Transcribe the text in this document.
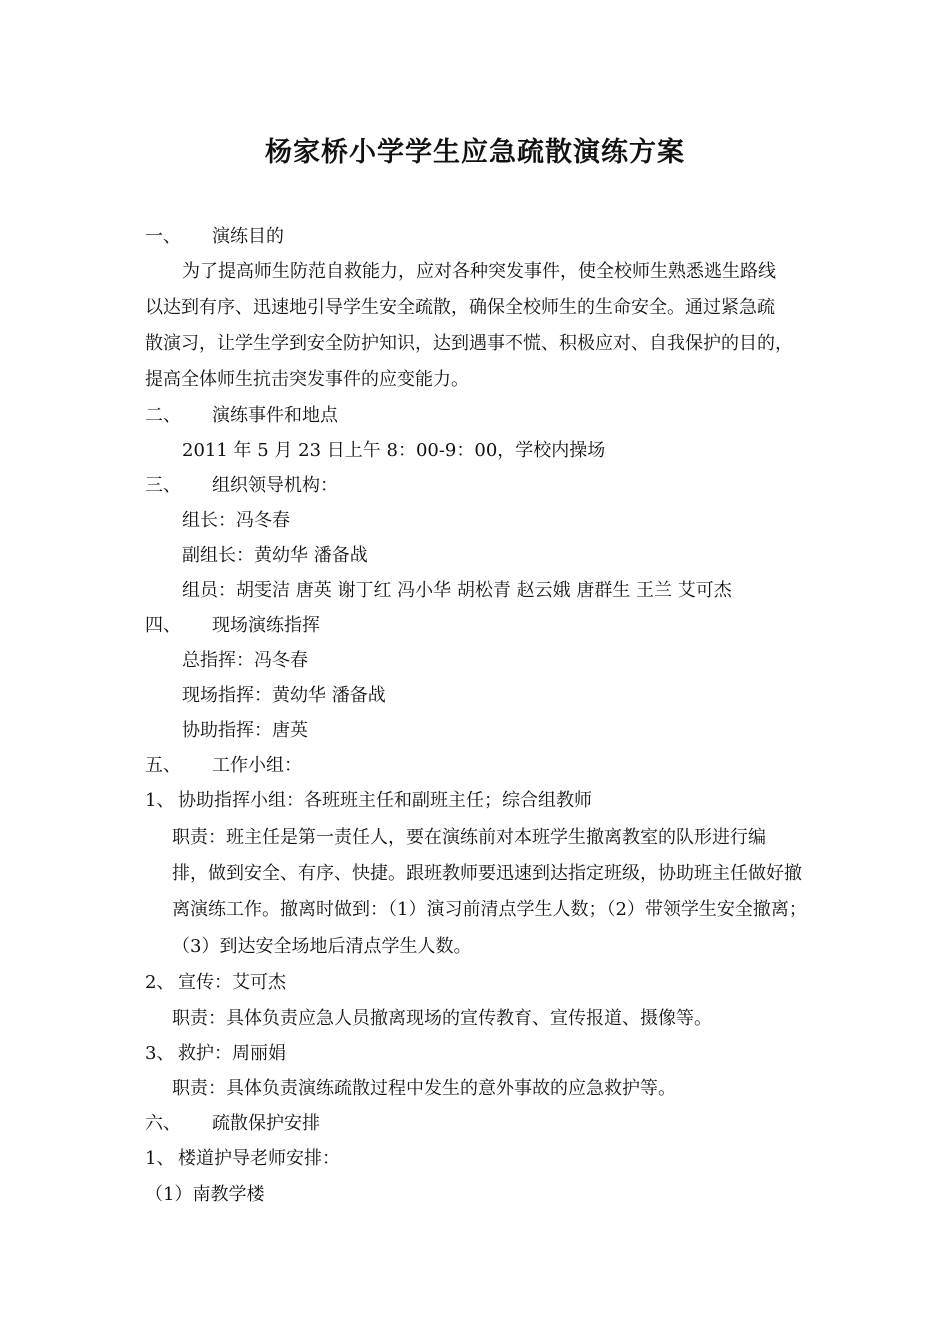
杨家桥小学学生应急疏散演练方案
一、 演练目的
为了提高师生防范自救能力，应对各种突发事件，使全校师生熟悉逃生路线
以达到有序、迅速地引导学生安全疏散，确保全校师生的生命安全。通过紧急疏
散演习，让学生学到安全防护知识，达到遇事不慌、积极应对、自我保护的目的，
提高全体师生抗击突发事件的应变能力。
二、 演练事件和地点
2011 年 5 月 23 日上午 8：00-9：00，学校内操场
三、 组织领导机构：
组长：冯冬春
副组长：黄幼华 潘备战
组员：胡雯洁 唐英 谢丁红 冯小华 胡松青 赵云娥 唐群生 王兰 艾可杰
四、 现场演练指挥
总指挥：冯冬春
现场指挥：黄幼华 潘备战
协助指挥：唐英
五、 工作小组：
1、 协助指挥小组：各班班主任和副班主任；综合组教师
职责：班主任是第一责任人，要在演练前对本班学生撤离教室的队形进行编
排，做到安全、有序、快捷。跟班教师要迅速到达指定班级，协助班主任做好撤
离演练工作。撤离时做到：（1）演习前清点学生人数；（2）带领学生安全撤离；
（3）到达安全场地后清点学生人数。
2、 宣传：艾可杰
职责：具体负责应急人员撤离现场的宣传教育、宣传报道、摄像等。
3、 救护：周丽娟
职责：具体负责演练疏散过程中发生的意外事故的应急救护等。
六、 疏散保护安排
1、 楼道护导老师安排：
（1）南教学楼
